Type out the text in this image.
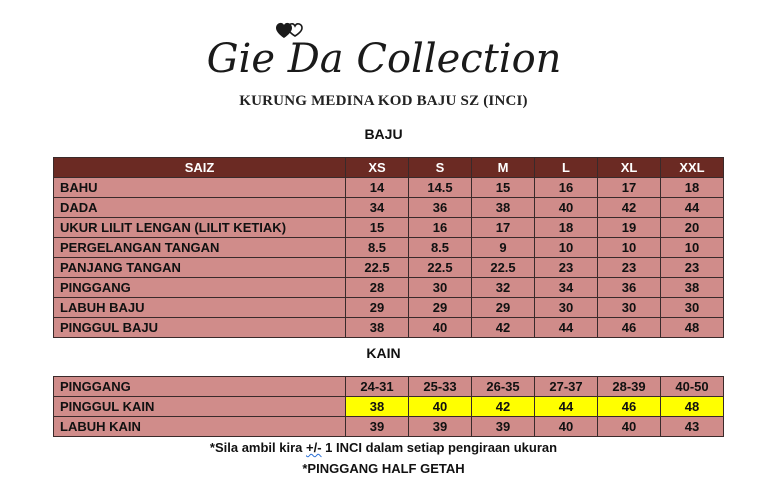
Gie Da Collection
KURUNG MEDINA KOD BAJU SZ (INCI)
BAJU
SAIZ	XS	S	M	L	XL	XXL
BAHU	14	14.5	15	16	17	18
DADA	34	36	38	40	42	44
UKUR LILIT LENGAN (LILIT KETIAK)	15	16	17	18	19	20
PERGELANGAN TANGAN	8.5	8.5	9	10	10	10
PANJANG TANGAN	22.5	22.5	22.5	23	23	23
PINGGANG	28	30	32	34	36	38
LABUH BAJU	29	29	29	30	30	30
PINGGUL BAJU	38	40	42	44	46	48
KAIN
PINGGANG	24-31	25-33	26-35	27-37	28-39	40-50
PINGGUL KAIN	38	40	42	44	46	48
LABUH KAIN	39	39	39	40	40	43
*Sila ambil kira +/- 1 INCI dalam setiap pengiraan ukuran
*PINGGANG HALF GETAH
